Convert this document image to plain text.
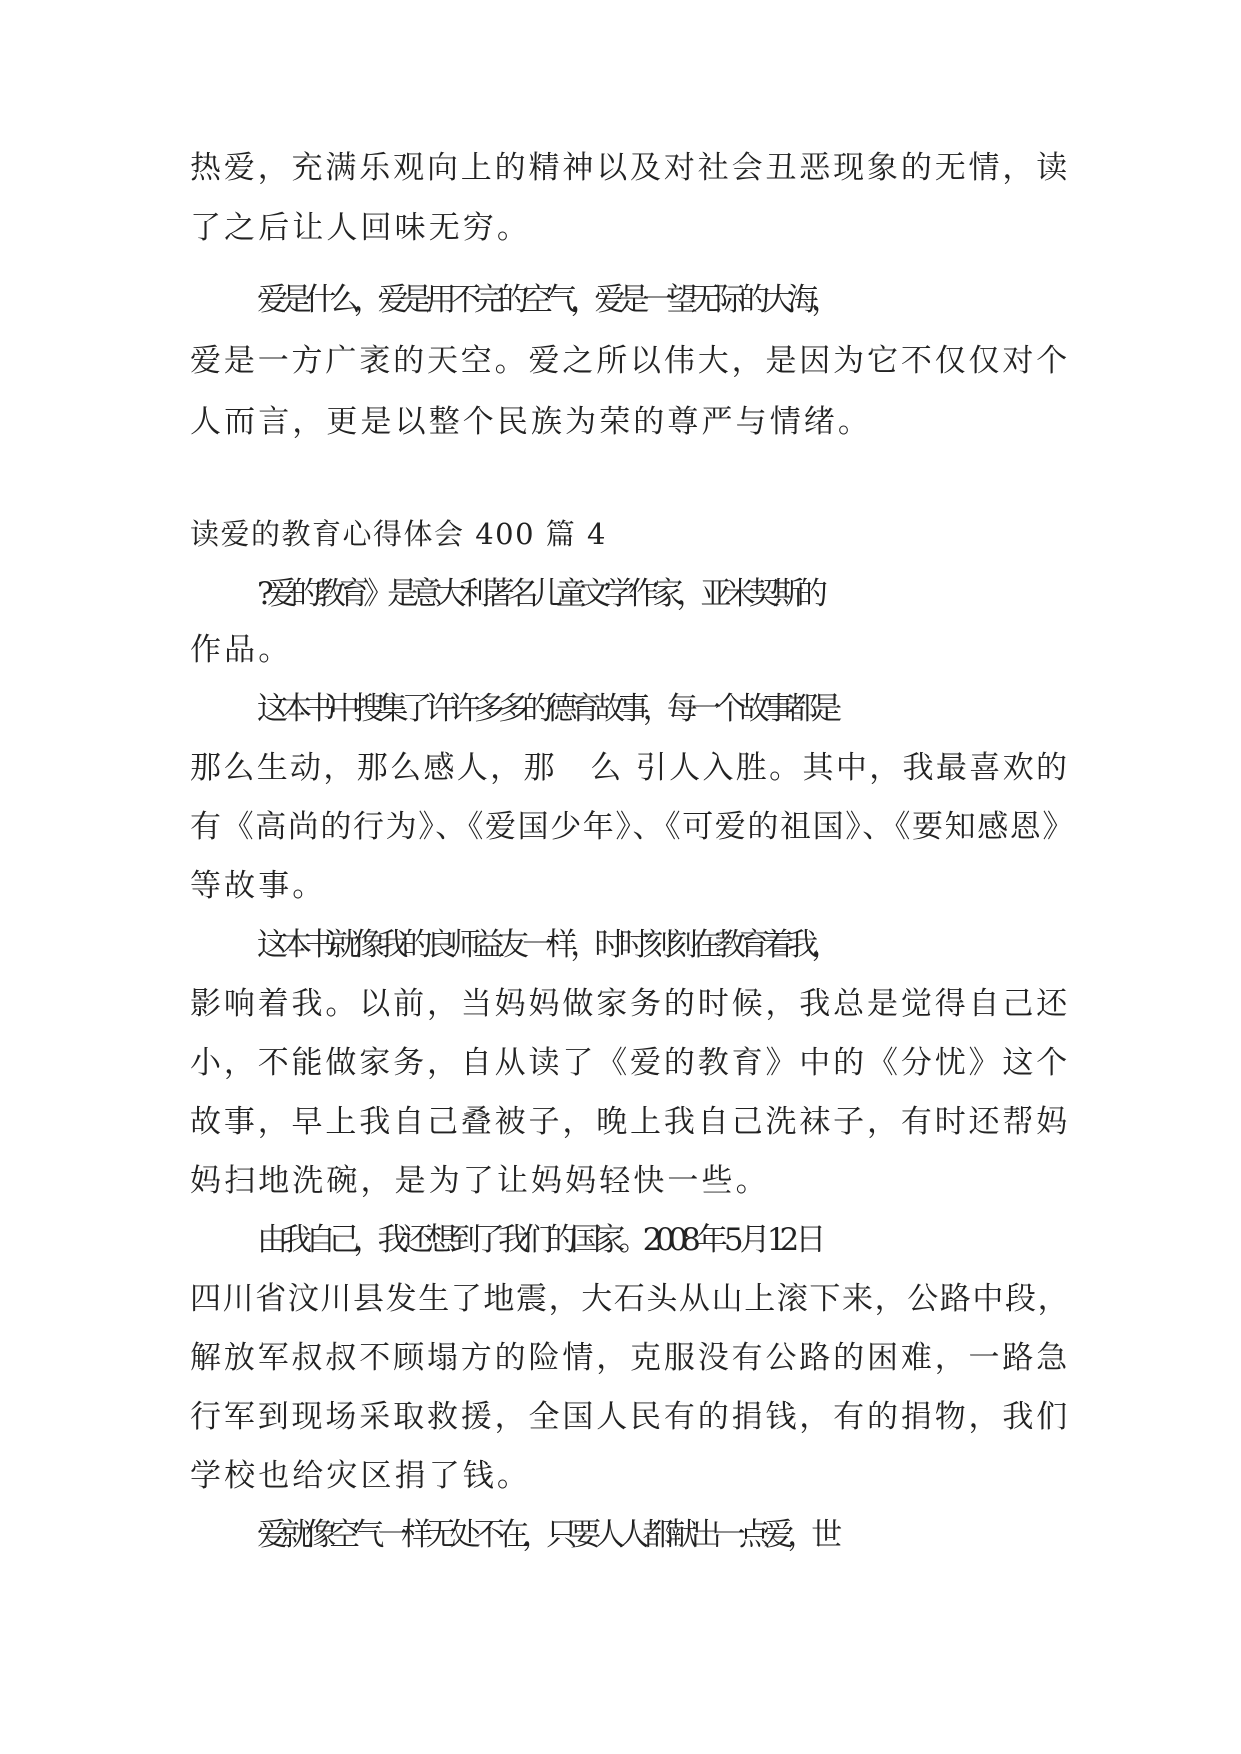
热爱，充满乐观向上的精神以及对社会丑恶现象的无情，读

了之后让人回味无穷。

爱是什么，爱是用不完的空气，爱是一望无际的大海，

爱是一方广袤的天空。爱之所以伟大，是因为它不仅仅对个

人而言，更是以整个民族为荣的尊严与情绪。

读爱的教育心得体会 400 篇 4

?爱的教育》是意大利著名儿童文学作家，亚米契斯的

作品。

这本书中搜集了许许多多的德育故事，每一个故事都是

那么生动，那么感人，那　么 引人入胜。其中，我最喜欢的

有《高尚的行为》、《爱国少年》、《可爱的祖国》、《要知感恩》

等故事。

这本书就像我的良师益友一样，时时刻刻在教育着我，

影响着我。以前，当妈妈做家务的时候，我总是觉得自己还

小，不能做家务，自从读了《爱的教育》中的《分忧》这个

故事，早上我自己叠被子，晚上我自己洗袜子，有时还帮妈

妈扫地洗碗，是为了让妈妈轻快一些。

由我自己，我还想到了我们的国家。2008 年 5 月 12 日

四川省汶川县发生了地震，大石头从山上滚下来，公路中段，

解放军叔叔不顾塌方的险情，克服没有公路的困难，一路急

行军到现场采取救援，全国人民有的捐钱，有的捐物，我们

学校也给灾区捐了钱。

爱就像空气一样无处不在，只要人人都献出一点爱，世
